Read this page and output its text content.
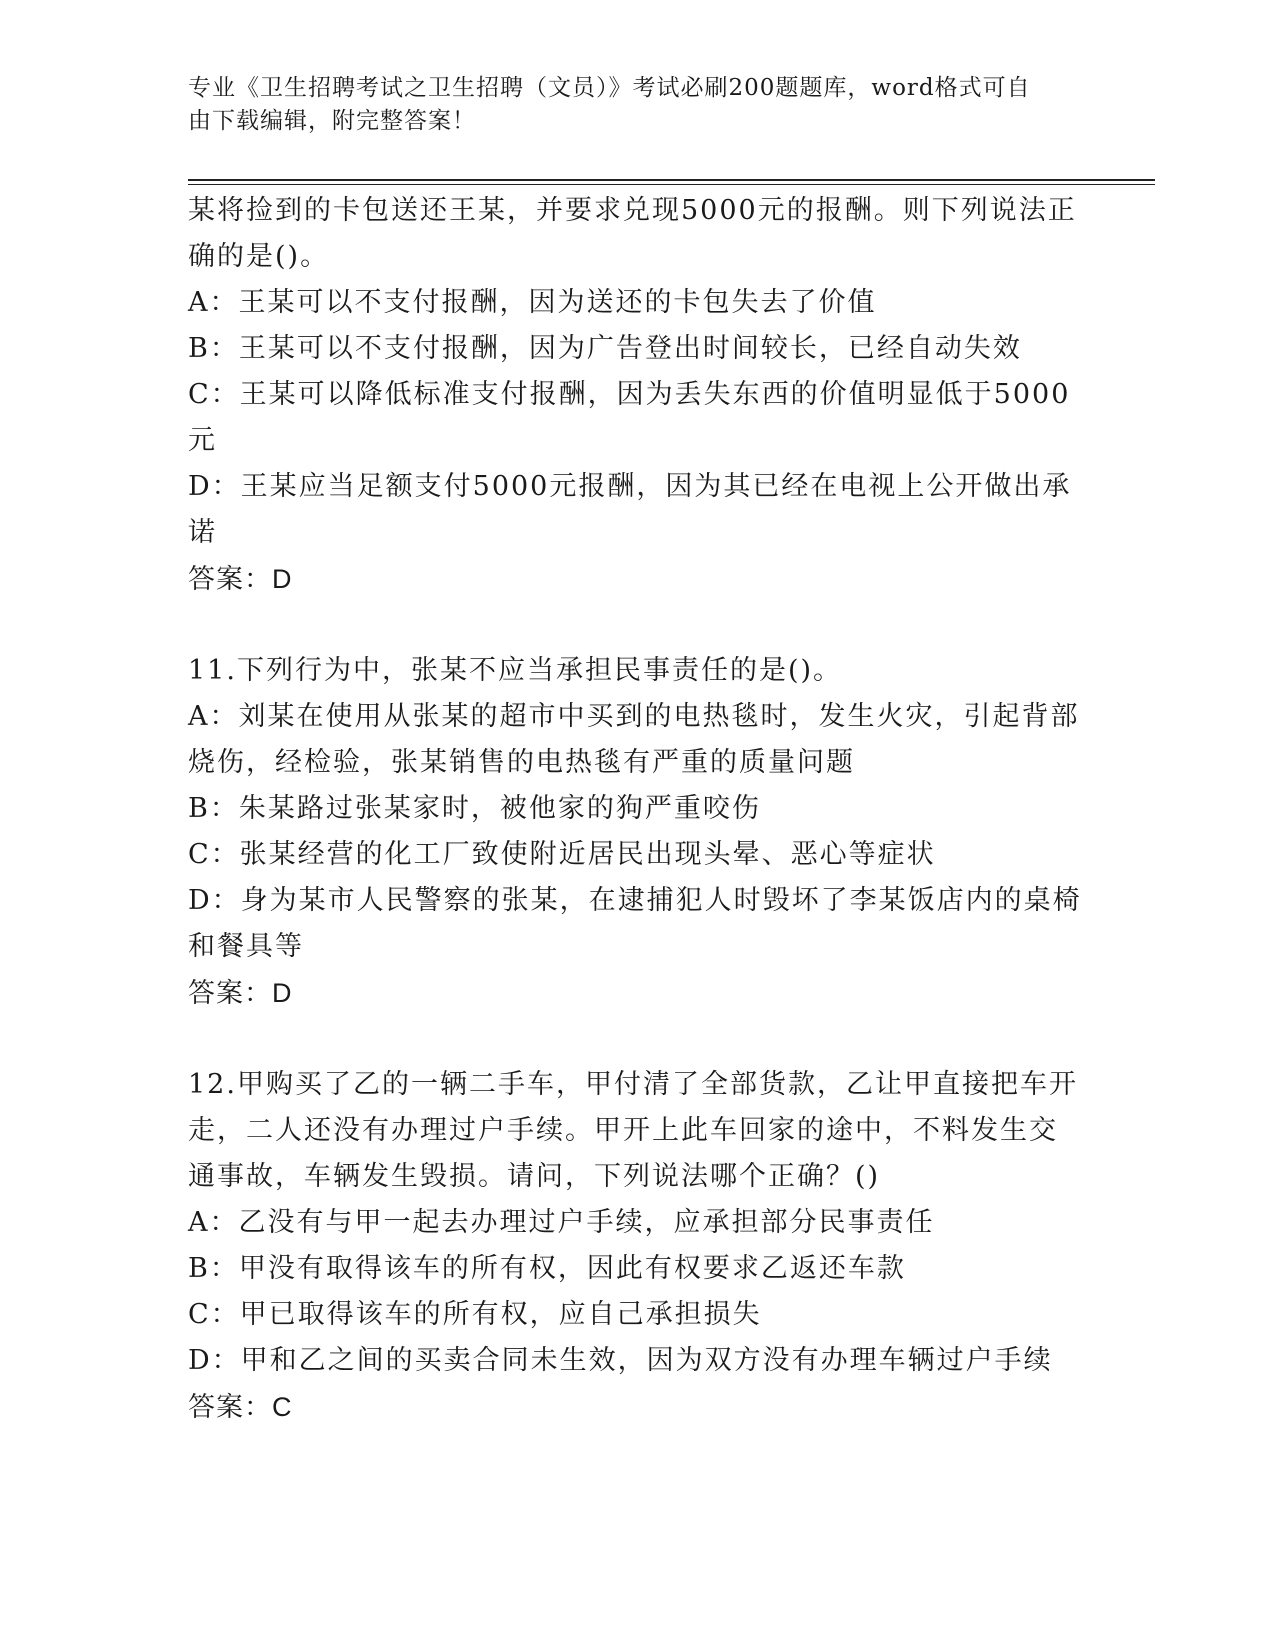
专业《卫生招聘考试之卫生招聘（文员）》考试必刷200题题库，word格式可自
由下载编辑，附完整答案！
某将捡到的卡包送还王某，并要求兑现5000元的报酬。则下列说法正
确的是()。
A：王某可以不支付报酬，因为送还的卡包失去了价值
B：王某可以不支付报酬，因为广告登出时间较长，已经自动失效
C：王某可以降低标准支付报酬，因为丢失东西的价值明显低于5000
元
D：王某应当足额支付5000元报酬，因为其已经在电视上公开做出承
诺
答案：D
11.下列行为中，张某不应当承担民事责任的是()。
A：刘某在使用从张某的超市中买到的电热毯时，发生火灾，引起背部
烧伤，经检验，张某销售的电热毯有严重的质量问题
B：朱某路过张某家时，被他家的狗严重咬伤
C：张某经营的化工厂致使附近居民出现头晕、恶心等症状
D：身为某市人民警察的张某，在逮捕犯人时毁坏了李某饭店内的桌椅
和餐具等
答案：D
12.甲购买了乙的一辆二手车，甲付清了全部货款，乙让甲直接把车开
走，二人还没有办理过户手续。甲开上此车回家的途中，不料发生交
通事故，车辆发生毁损。请问，下列说法哪个正确？()
A：乙没有与甲一起去办理过户手续，应承担部分民事责任
B：甲没有取得该车的所有权，因此有权要求乙返还车款
C：甲已取得该车的所有权，应自己承担损失
D：甲和乙之间的买卖合同未生效，因为双方没有办理车辆过户手续
答案：C
